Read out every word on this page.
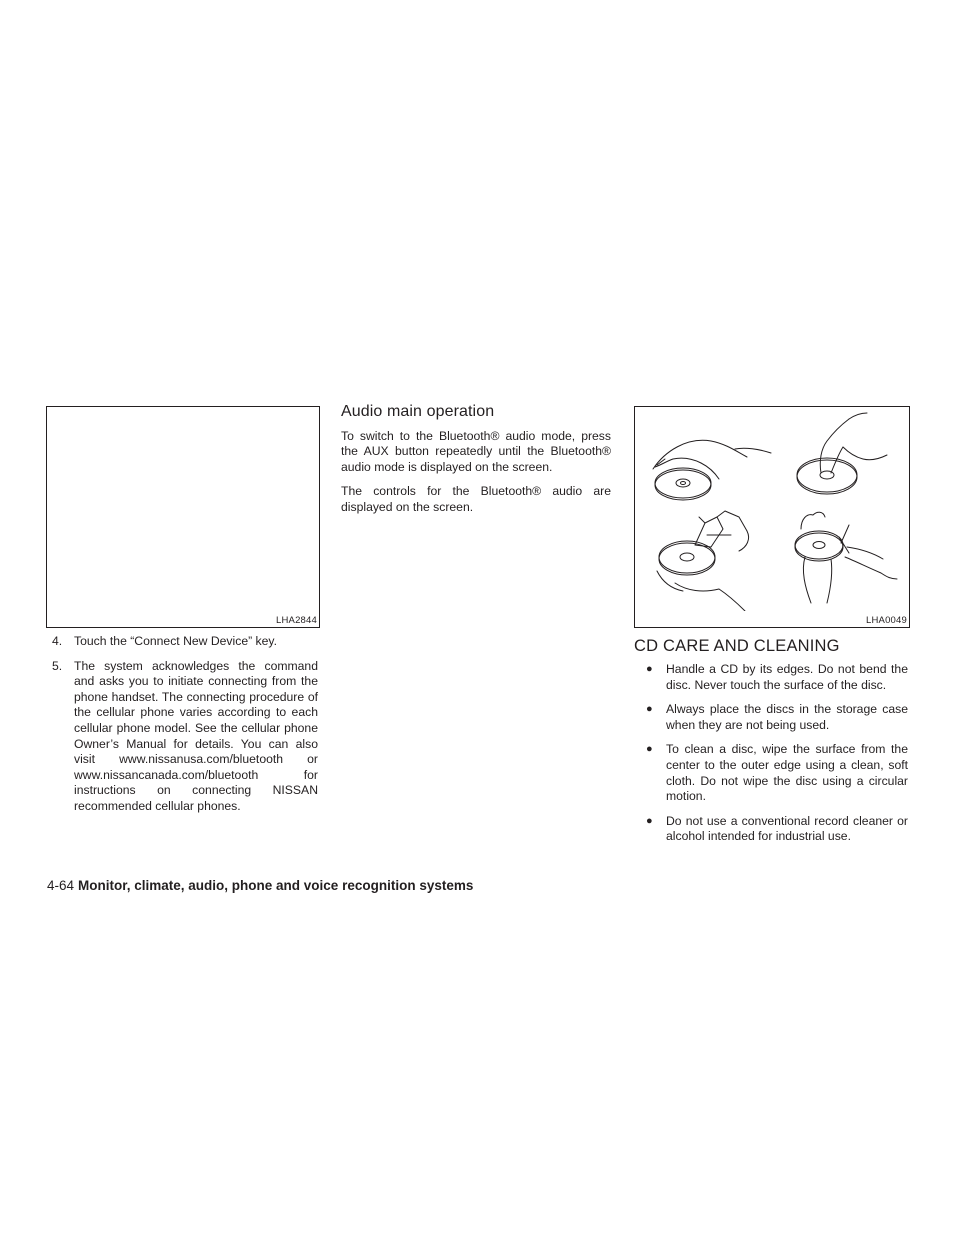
LHA2844	LHA0049
4. Touch the “Connect New Device” key.
5. The system acknowledges the command and asks you to initiate connecting from the phone handset. The connecting procedure of the cellular phone varies according to each cellular phone model. See the cellular phone Owner’s Manual for details. You can also visit www.nissanusa.com/bluetooth or www.nissancanada.com/bluetooth for instructions on connecting NISSAN recommended cellular phones.
Audio main operation

To switch to the Bluetooth® audio mode, press the AUX button repeatedly until the Bluetooth® audio mode is displayed on the screen.

The controls for the Bluetooth® audio are displayed on the screen.

CD CARE AND CLEANING
●	Handle a CD by its edges. Do not bend the disc. Never touch the surface of the disc.
●	Always place the discs in the storage case when they are not being used.
●	To clean a disc, wipe the surface from the center to the outer edge using a clean, soft cloth. Do not wipe the disc using a circular motion.
●	Do not use a conventional record cleaner or alcohol intended for industrial use.
4-64 Monitor, climate, audio, phone and voice recognition systems
